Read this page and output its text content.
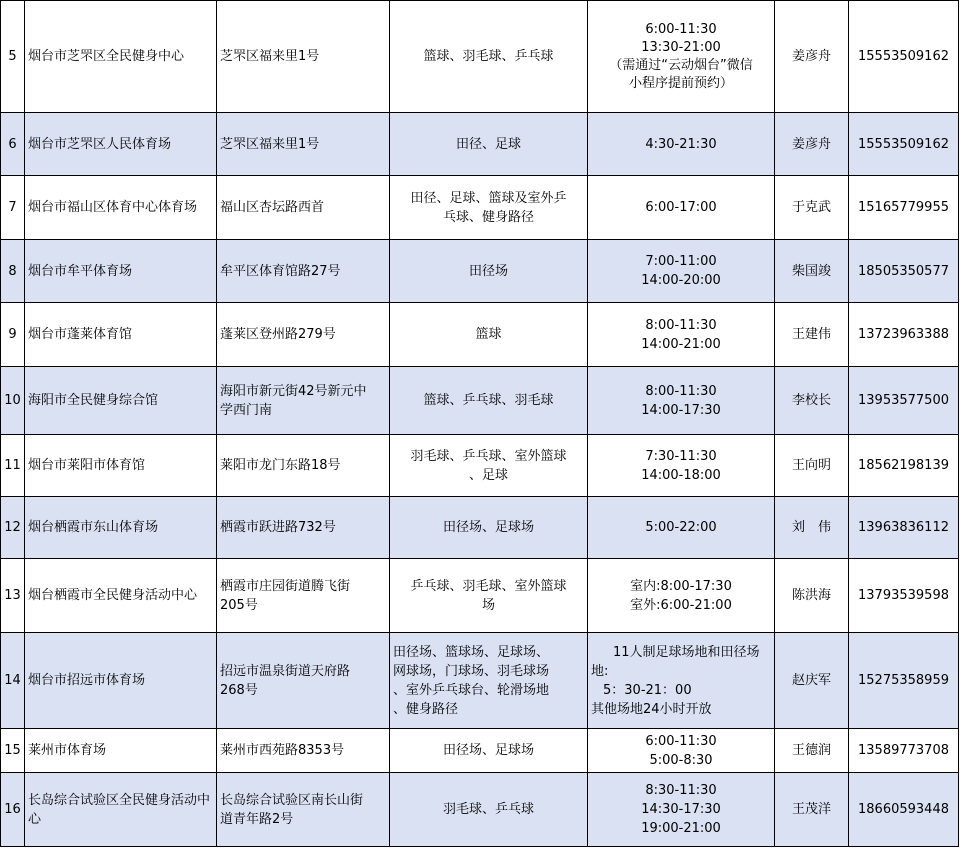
5	烟台市芝罘区全民健身中心	芝罘区福来里1号	篮球、羽毛球、乒乓球	6:00-11:30
13:30-21:00
（需通过“云动烟台”微信
小程序提前预约）	姜彦舟	15553509162
6	烟台市芝罘区人民体育场	芝罘区福来里1号	田径、足球	4:30-21:30	姜彦舟	15553509162
7	烟台市福山区体育中心体育场	福山区杏坛路西首	田径、足球、篮球及室外乒
乓球、健身路径	6:00-17:00	于克武	15165779955
8	烟台市牟平体育场	牟平区体育馆路27号	田径场	7:00-11:00
14:00-20:00	柴国竣	18505350577
9	烟台市蓬莱体育馆	蓬莱区登州路279号	篮球	8:00-11:30
14:00-21:00	王建伟	13723963388
10	海阳市全民健身综合馆	海阳市新元街42号新元中
学西门南	篮球、乒乓球、羽毛球	8:00-11:30
14:00-17:30	李校长	13953577500
11	烟台市莱阳市体育馆	莱阳市龙门东路18号	羽毛球、乒乓球、室外篮球
、足球	7:30-11:30
14:00-18:00	王向明	18562198139
12	烟台栖霞市东山体育场	栖霞市跃进路732号	田径场、足球场	5:00-22:00	刘　伟	13963836112
13	烟台栖霞市全民健身活动中心	栖霞市庄园街道腾飞街
205号	乒乓球、羽毛球、室外篮球
场	室内:8:00-17:30
室外:6:00-21:00	陈洪海	13793539598
14	烟台市招远市体育场	招远市温泉街道天府路
268号	田径场、篮球场、足球场、
网球场，门球场、羽毛球场
、室外乒乓球台、轮滑场地
、健身路径	11人制足球场地和田径场
地:
5：30-21：00
其他场地24小时开放	赵庆军	15275358959
15	莱州市体育场	莱州市西苑路8353号	田径场、足球场	6:00-11:30
5:00-8:30	王德润	13589773708
16	长岛综合试验区全民健身活动中心	长岛综合试验区南长山街
道青年路2号	羽毛球、乒乓球	8:30-11:30
14:30-17:30
19:00-21:00	王茂洋	18660593448
